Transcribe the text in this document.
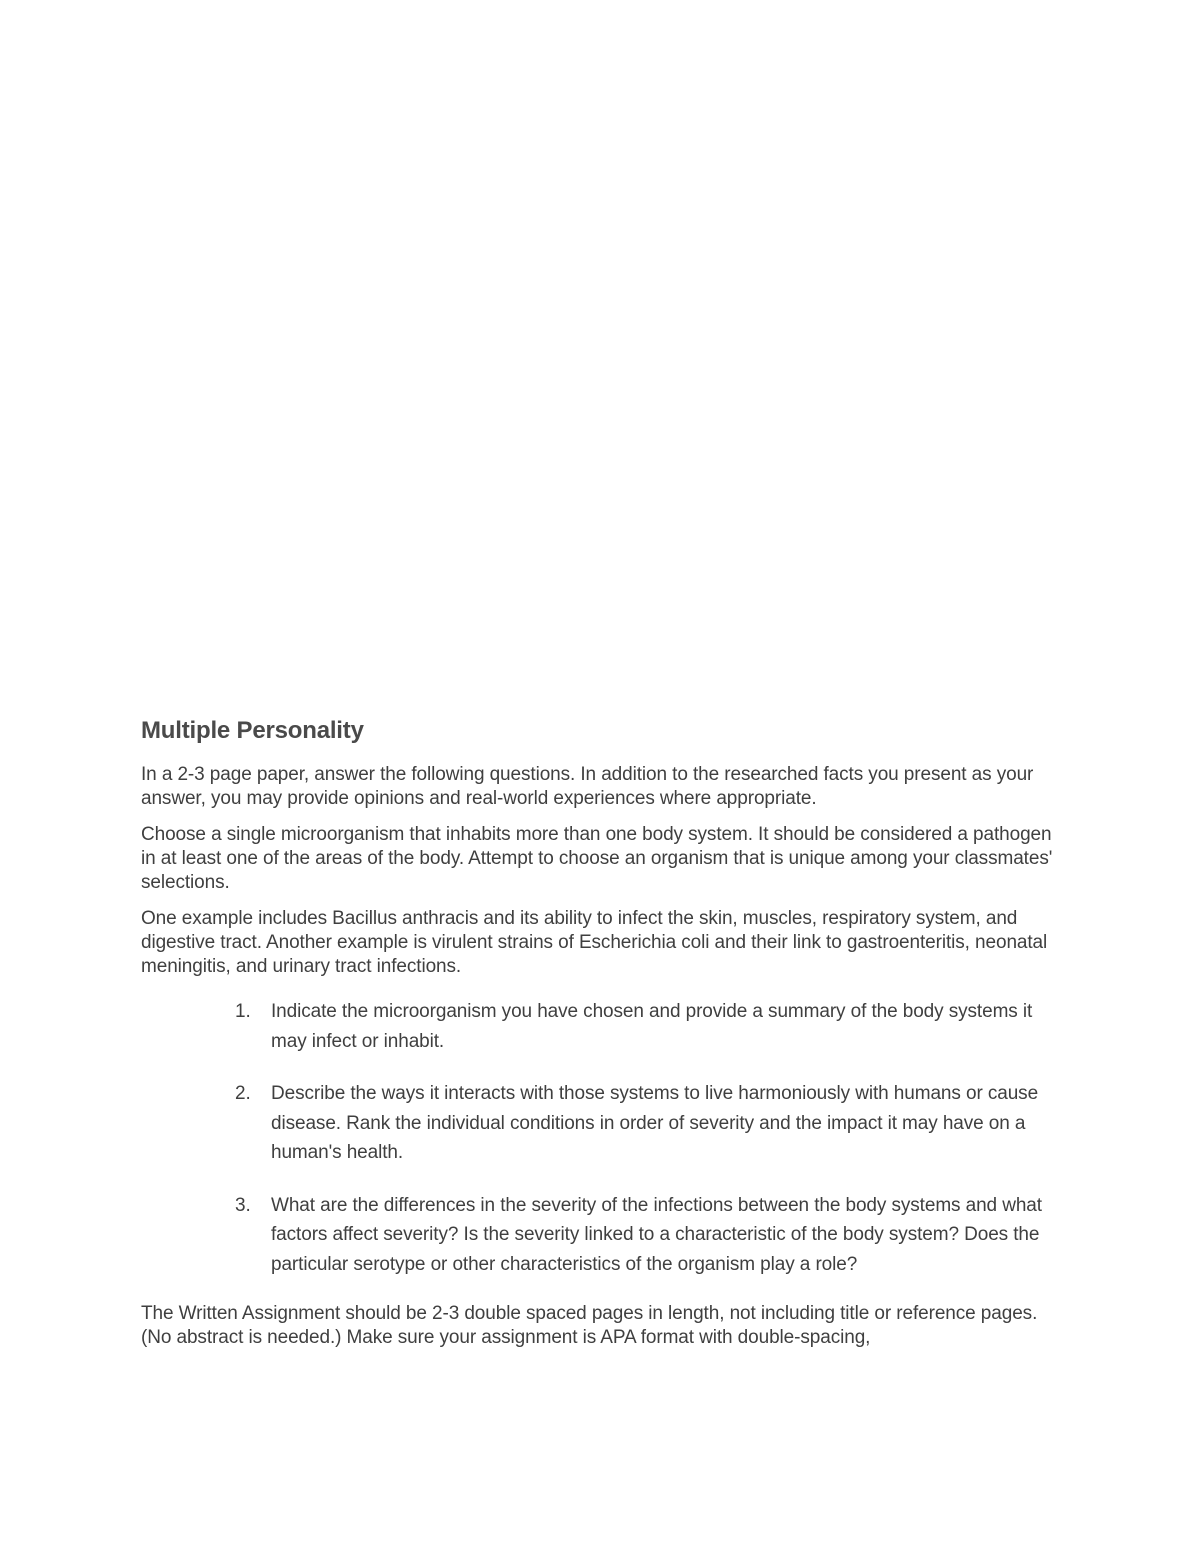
Multiple Personality

In a 2-3 page paper, answer the following questions. In addition to the researched facts you present as your answer, you may provide opinions and real-world experiences where appropriate.

Choose a single microorganism that inhabits more than one body system. It should be considered a pathogen in at least one of the areas of the body. Attempt to choose an organism that is unique among your classmates' selections.

One example includes Bacillus anthracis and its ability to infect the skin, muscles, respiratory system, and digestive tract. Another example is virulent strains of Escherichia coli and their link to gastroenteritis, neonatal meningitis, and urinary tract infections.

1. Indicate the microorganism you have chosen and provide a summary of the body systems it may infect or inhabit.
2. Describe the ways it interacts with those systems to live harmoniously with humans or cause disease. Rank the individual conditions in order of severity and the impact it may have on a human's health.
3. What are the differences in the severity of the infections between the body systems and what factors affect severity? Is the severity linked to a characteristic of the body system? Does the particular serotype or other characteristics of the organism play a role?

The Written Assignment should be 2-3 double spaced pages in length, not including title or reference pages. (No abstract is needed.) Make sure your assignment is APA format with double-spacing,
